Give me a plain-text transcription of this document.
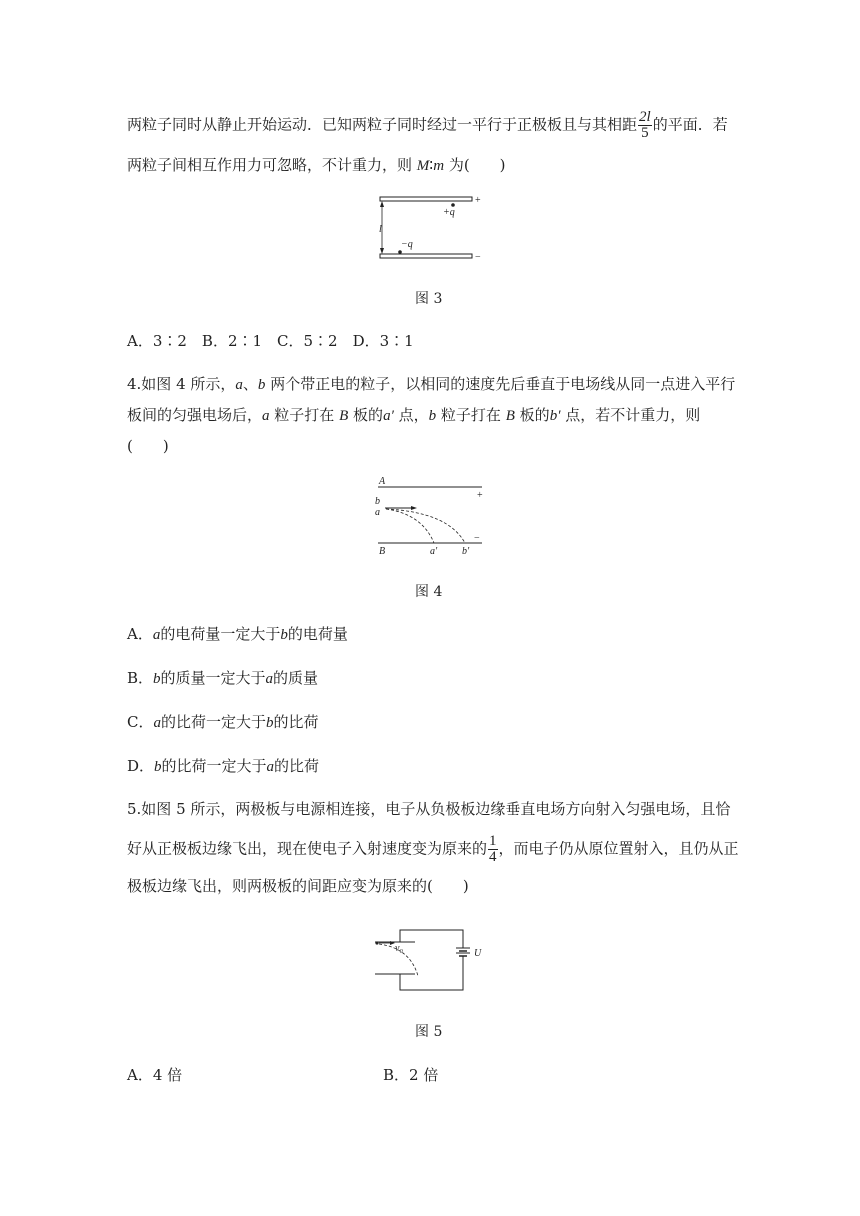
两粒子同时从静止开始运动．已知两粒子同时经过一平行于正极板且与其相距 $\frac{2l}{5}$ 的平面．若
两粒子间相互作用力可忽略，不计重力，则 M∶m 为(　　)
l
+q
−q
+
−
图 3
A．3∶2　B．2∶1　C．5∶2　D．3∶1
4.如图 4 所示，a、b 两个带正电的粒子，以相同的速度先后垂直于电场线从同一点进入平行
板间的匀强电场后，a 粒子打在 B 板的a′ 点，b 粒子打在 B 板的b′ 点，若不计重力，则
(　　)
A
B
+
−
b
a
a′ b′
图 4
A．a的电荷量一定大于b的电荷量
B．b的质量一定大于a的质量
C．a的比荷一定大于b的比荷
D．b的比荷一定大于a的比荷
5.如图 5 所示，两极板与电源相连接，电子从负极板边缘垂直电场方向射入匀强电场，且恰
好从正极板边缘飞出，现在使电子入射速度变为原来的 $\frac{1}{4}$ ，而电子仍从原位置射入，且仍从正
极板边缘飞出，则两极板的间距应变为原来的(　　)
U
v₀
图 5
A．4 倍	B．2 倍
